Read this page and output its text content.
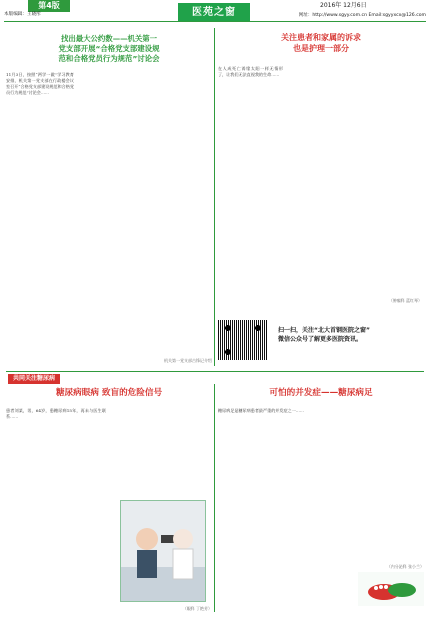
第4版
本版编辑：王晓彤	医苑之窗
2016年 12月6日
网址：http://www.sgyy.com.cn Email:sgyyxcx@126.com
找出最大公约数——机关第一
党支部开展“合格党支部建设规
范和合格党员行为规范”讨论会
11月3日，按照“两学一做”学习教育安排，机关第一党支部在行政楼会议室召开“合格党支部建设规范和合格党员行为规范”讨论会……
机关第一党支部古锋记介绍
关注患者和家属的诉求
也是护理一部分
在人成死亡诱缘太阳一样无情形了，让我们无法直视我的生命……
（肿瘤科 蓝红琴）
扫一扫，关注“北大首钢医院之窗”
微信公众号了解更多医院资讯。
共同关注糖尿病
糖尿病眼病 致盲的危险信号
患者刘某，男，64岁，患糖尿病15年，再未与医生联系……
（眼科 丁艳芳）
可怕的并发症——糖尿病足
糖尿病足是糖尿病患者最严重的并发症之一……
（内分泌科 张小兰）
